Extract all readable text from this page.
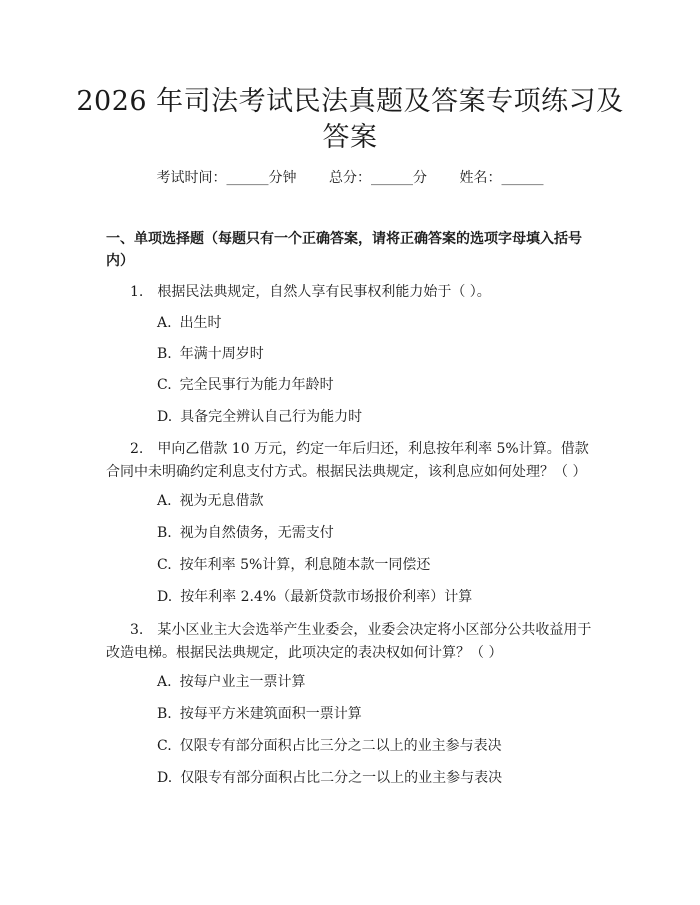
2026 年司法考试民法真题及答案专项练习及
答案
考试时间：______分钟 总分：______分 姓名：______
一、单项选择题（每题只有一个正确答案，请将正确答案的选项字母填入括号内）
1. 根据民法典规定，自然人享有民事权利能力始于（ ）。
A. 出生时
B. 年满十周岁时
C. 完全民事行为能力年龄时
D. 具备完全辨认自己行为能力时
2. 甲向乙借款 10 万元，约定一年后归还，利息按年利率 5%计算。借款合同中未明确约定利息支付方式。根据民法典规定，该利息应如何处理？（ ）
A. 视为无息借款
B. 视为自然债务，无需支付
C. 按年利率 5%计算，利息随本款一同偿还
D. 按年利率 2.4%（最新贷款市场报价利率）计算
3. 某小区业主大会选举产生业委会，业委会决定将小区部分公共收益用于改造电梯。根据民法典规定，此项决定的表决权如何计算？（ ）
A. 按每户业主一票计算
B. 按每平方米建筑面积一票计算
C. 仅限专有部分面积占比三分之二以上的业主参与表决
D. 仅限专有部分面积占比二分之一以上的业主参与表决
